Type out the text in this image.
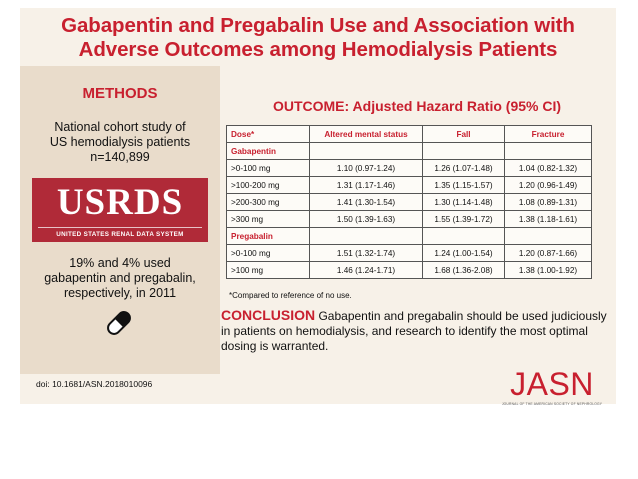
Gabapentin and Pregabalin Use and Association with
Adverse Outcomes among Hemodialysis Patients
METHODS
National cohort study of
US hemodialysis patients
n=140,899
USRDS
UNITED STATES RENAL DATA SYSTEM
19% and 4% used
gabapentin and pregabalin,
respectively, in 2011
OUTCOME: Adjusted Hazard Ratio (95% CI)
Dose*	Altered mental status	Fall	Fracture
Gabapentin			
>0-100 mg	1.10 (0.97-1.24)	1.26 (1.07-1.48)	1.04 (0.82-1.32)
>100-200 mg	1.31 (1.17-1.46)	1.35 (1.15-1.57)	1.20 (0.96-1.49)
>200-300 mg	1.41 (1.30-1.54)	1.30 (1.14-1.48)	1.08 (0.89-1.31)
>300 mg	1.50 (1.39-1.63)	1.55 (1.39-1.72)	1.38 (1.18-1.61)
Pregabalin			
>0-100 mg	1.51 (1.32-1.74)	1.24 (1.00-1.54)	1.20 (0.87-1.66)
>100 mg	1.46 (1.24-1.71)	1.68 (1.36-2.08)	1.38 (1.00-1.92)
*Compared to reference of no use.
CONCLUSION Gabapentin and pregabalin should be used judiciously in patients on hemodialysis, and research to identify the most optimal dosing is warranted.
doi: 10.1681/ASN.2018010096	JASN
JOURNAL OF THE AMERICAN SOCIETY OF NEPHROLOGY
